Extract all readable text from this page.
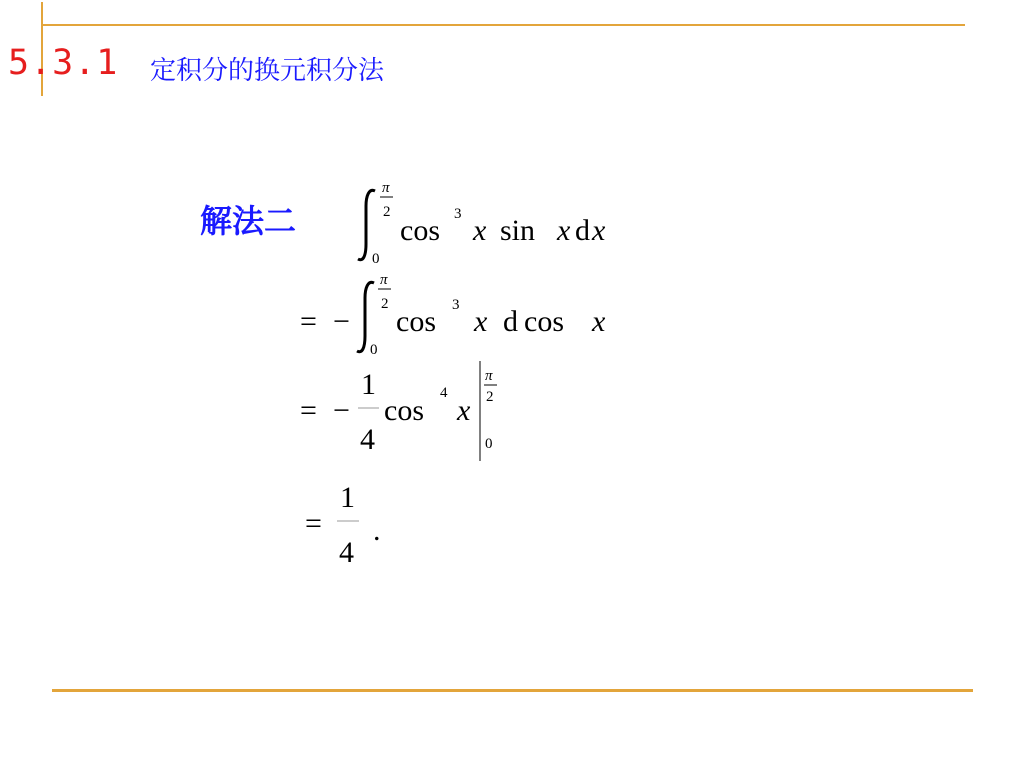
5.3.1 定积分的换元积分法
解法二
π
2
0
cos 3 x sin x d x
= −
π
2
0
cos 3 x d cos x
= −
1
4
cos
4
x
π
2
0
=
1
4
.
